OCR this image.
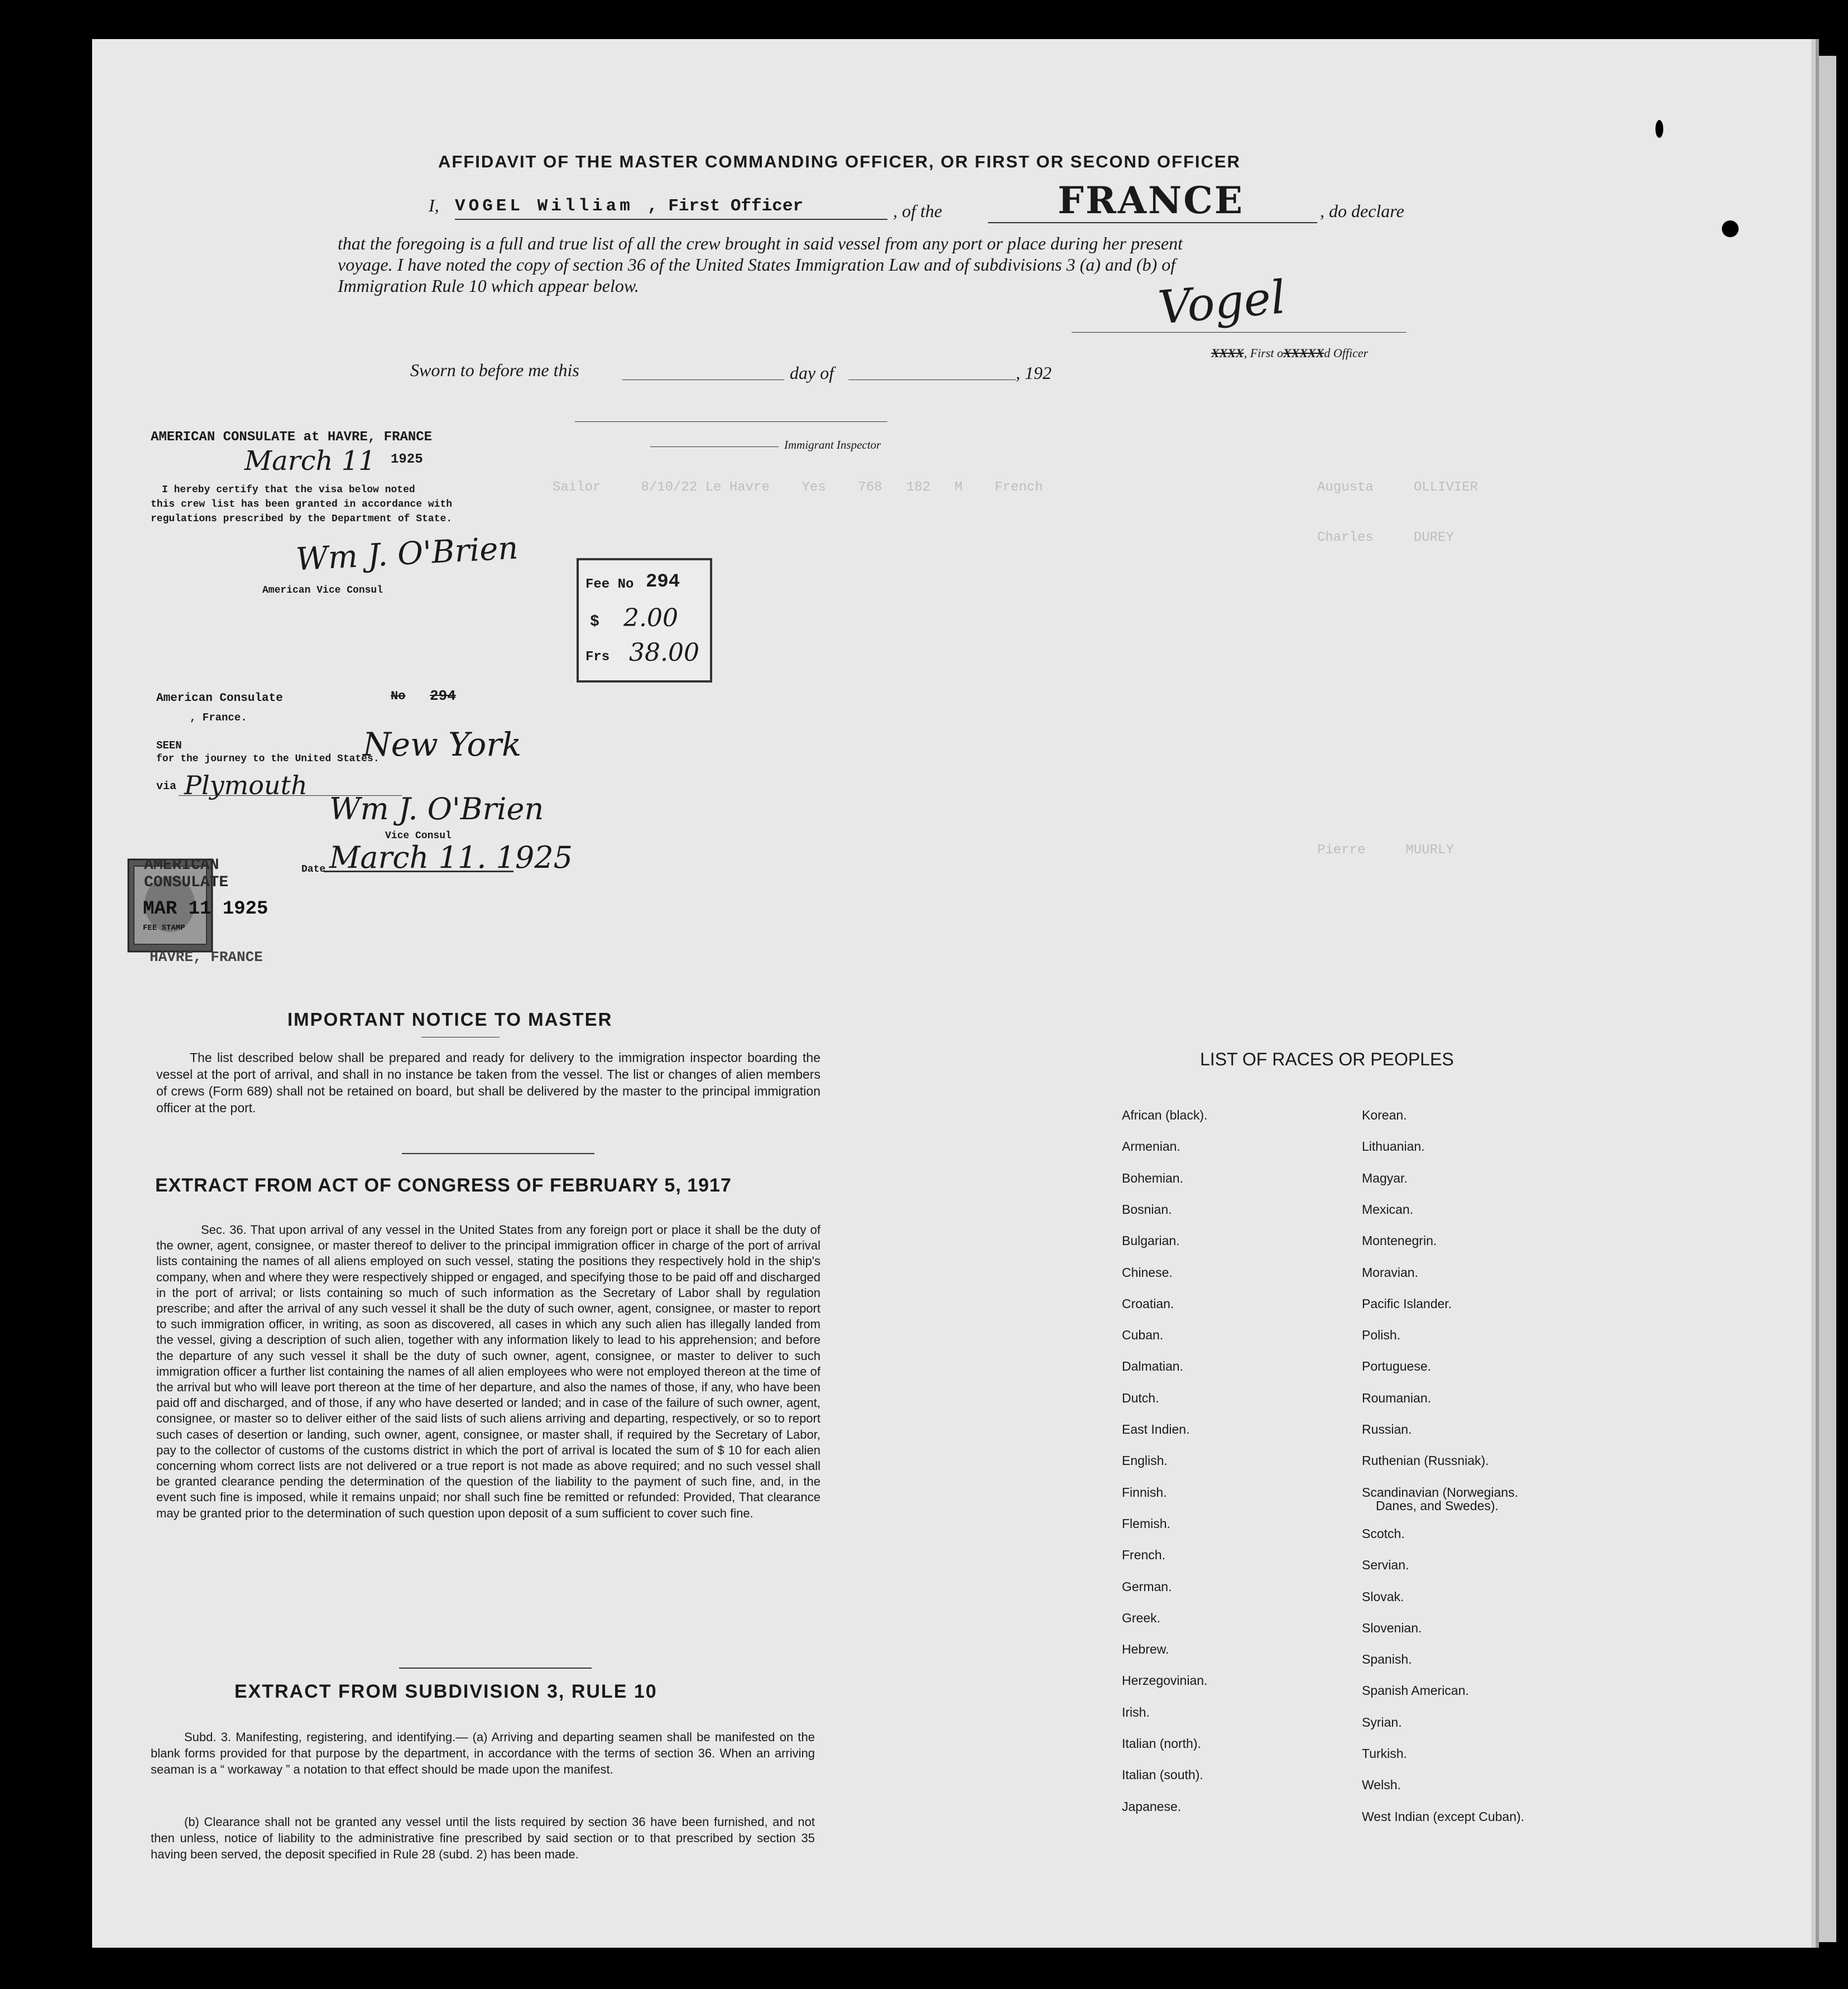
Sailor     8/10/22 Le Havre    Yes    768   182   M    French	Augusta     OLLIVIER
Charles     DUREY
Pierre     MUURLY
AFFIDAVIT OF THE MASTER COMMANDING OFFICER, OR FIRST OR SECOND OFFICER
I, VOGEL William , First Officer	, of the	FRANCE	, do declare
that the foregoing is a full and true list of all the crew brought in said vessel from any port or place during her present
voyage. I have noted the copy of section 36 of the United States Immigration Law and of subdivisions 3 (a) and (b) of
Immigration Rule 10 which appear below.	Vogel
XXXX, First oXXXXXd Officer
Sworn to before me this	day of	, 192
Immigrant Inspector
AMERICAN CONSULATE at HAVRE, FRANCE
March 11 1925
I hereby certify that the visa below noted
this crew list has been granted in accordance with
regulations prescribed by the Department of State.
Wm J. O'Brien
American Vice Consul	Fee No 294
$ 2.00
Frs 38.00
American Consulate
, France.
No 294
SEEN
for the journey to the United States.
New York
via Plymouth
Wm J. O'Brien
Vice Consul
Date March 11. 1925
AMERICAN CONSULATE
MAR 11 1925
FEE STAMP
HAVRE, FRANCE
IMPORTANT NOTICE TO MASTER
The list described below shall be prepared and ready for delivery to the immigration inspector boarding the vessel at the port of arrival, and shall in no instance be taken from the vessel. The list or changes of alien members of crews (Form 689) shall not be retained on board, but shall be delivered by the master to the principal immigration officer at the port.
EXTRACT FROM ACT OF CONGRESS OF FEBRUARY 5, 1917
Sec. 36. That upon arrival of any vessel in the United States from any foreign port or place it shall be the duty of the owner, agent, consignee, or master thereof to deliver to the principal immigration officer in charge of the port of arrival lists containing the names of all aliens employed on such vessel, stating the positions they respectively hold in the ship's company, when and where they were respectively shipped or engaged, and specifying those to be paid off and discharged in the port of arrival; or lists containing so much of such information as the Secretary of Labor shall by regulation prescribe; and after the arrival of any such vessel it shall be the duty of such owner, agent, consignee, or master to report to such immigration officer, in writing, as soon as discovered, all cases in which any such alien has illegally landed from the vessel, giving a description of such alien, together with any information likely to lead to his apprehension; and before the departure of any such vessel it shall be the duty of such owner, agent, consignee, or master to deliver to such immigration officer a further list containing the names of all alien employees who were not employed thereon at the time of the arrival but who will leave port thereon at the time of her departure, and also the names of those, if any, who have been paid off and discharged, and of those, if any who have deserted or landed; and in case of the failure of such owner, agent, consignee, or master so to deliver either of the said lists of such aliens arriving and departing, respectively, or so to report such cases of desertion or landing, such owner, agent, consignee, or master shall, if required by the Secretary of Labor, pay to the collector of customs of the customs district in which the port of arrival is located the sum of $ 10 for each alien concerning whom correct lists are not delivered or a true report is not made as above required; and no such vessel shall be granted clearance pending the determination of the question of the liability to the payment of such fine, and, in the event such fine is imposed, while it remains unpaid; nor shall such fine be remitted or refunded: Provided, That clearance may be granted prior to the determination of such question upon deposit of a sum sufficient to cover such fine.
EXTRACT FROM SUBDIVISION 3, RULE 10
Subd. 3. Manifesting, registering, and identifying.— (a) Arriving and departing seamen shall be manifested on the blank forms provided for that purpose by the department, in accordance with the terms of section 36. When an arriving seaman is a “ workaway ” a notation to that effect should be made upon the manifest.
(b) Clearance shall not be granted any vessel until the lists required by section 36 have been furnished, and not then unless, notice of liability to the administrative fine prescribed by said section or to that prescribed by section 35 having been served, the deposit specified in Rule 28 (subd. 2) has been made.
LIST OF RACES OR PEOPLES
African (black).
Armenian.
Bohemian.
Bosnian.
Bulgarian.
Chinese.
Croatian.
Cuban.
Dalmatian.
Dutch.
East Indien.
English.
Finnish.
Flemish.
French.
German.
Greek.
Hebrew.
Herzegovinian.
Irish.
Italian (north).
Italian (south).
Japanese.
Korean.
Lithuanian.
Magyar.
Mexican.
Montenegrin.
Moravian.
Pacific Islander.
Polish.
Portuguese.
Roumanian.
Russian.
Ruthenian (Russniak).
Scandinavian (Norwegians.
Scotch.
Servian.
Slovak.
Slovenian.
Spanish.
Spanish American.
Syrian.
Turkish.
Welsh.
West Indian (except Cuban).
Danes, and Swedes).
